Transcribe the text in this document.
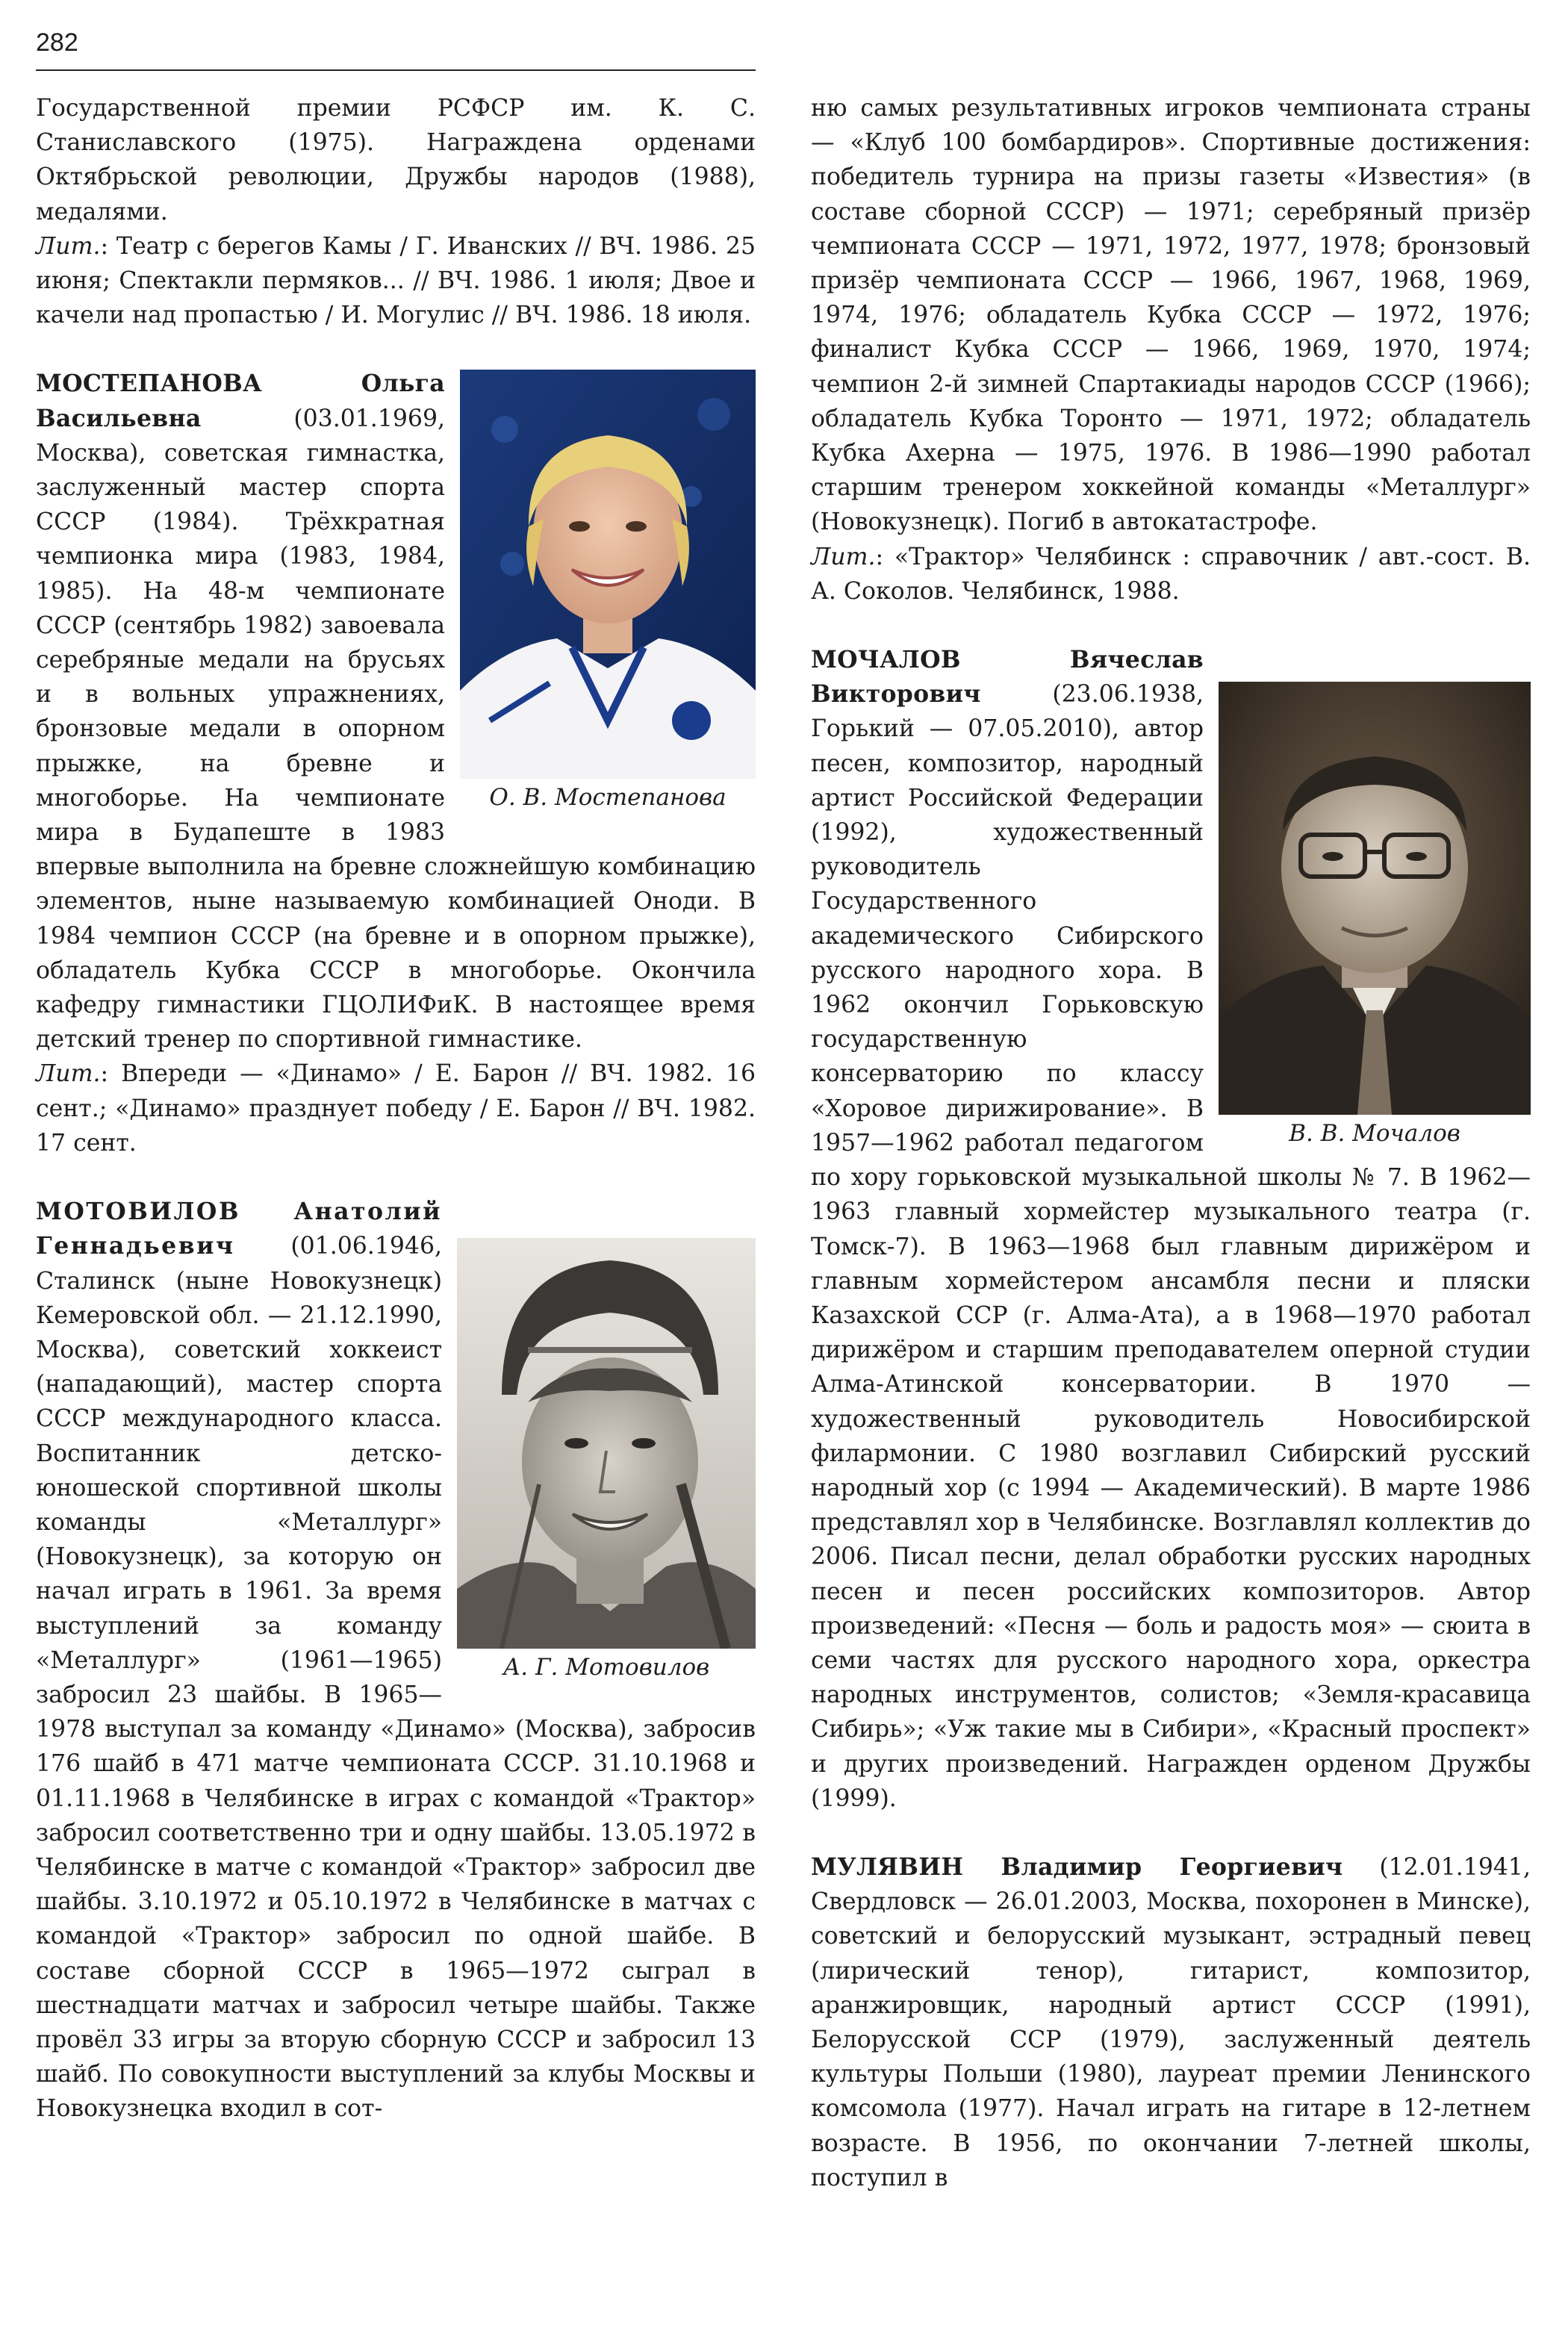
282

Государственной премии РСФСР им. К. С. Станиславского (1975). Награждена орденами Октябрьской революции, Дружбы народов (1988), медалями.

Лит.: Театр с берегов Камы / Г. Иванских // ВЧ. 1986. 25 июня; Спектакли пермяков... // ВЧ. 1986. 1 июля; Двое и качели над пропастью / И. Могулис // ВЧ. 1986. 18 июля.

О. В. Мостепанова

МОСТЕПАНОВА Ольга Васильевна (03.01.1969, Москва), советская гимнастка, заслуженный мастер спорта СССР (1984). Трёхкратная чемпионка мира (1983, 1984, 1985). На 48-м чемпионате СССР (сентябрь 1982) завоевала серебряные медали на брусьях и в вольных упражнениях, бронзовые медали в опорном прыжке, на бревне и многоборье. На чемпионате мира в Будапеште в 1983 впервые выполнила на бревне сложнейшую комбинацию элементов, ныне называемую комбинацией Оноди. В 1984 чемпион СССР (на бревне и в опорном прыжке), обладатель Кубка СССР в многоборье. Окончила кафедру гимнастики ГЦОЛИФиК. В настоящее время детский тренер по спортивной гимнастике.

Лит.: Впереди — «Динамо» / Е. Барон // ВЧ. 1982. 16 сент.; «Динамо» празднует победу / Е. Барон // ВЧ. 1982. 17 сент.

А. Г. Мотовилов

МОТОВИЛОВ Анатолий Геннадьевич (01.06.1946, Сталинск (ныне Новокузнецк) Кемеровской обл. — 21.12.1990, Москва), советский хоккеист (нападающий), мастер спорта СССР международного класса. Воспитанник детско-юношеской спортивной школы команды «Металлург» (Новокузнецк), за которую он начал играть в 1961. За время выступлений за команду «Металлург» (1961—1965) забросил 23 шайбы. В 1965—1978 выступал за команду «Динамо» (Москва), забросив 176 шайб в 471 матче чемпионата СССР. 31.10.1968 и 01.11.1968 в Челябинске в играх с командой «Трактор» забросил соответственно три и одну шайбы. 13.05.1972 в Челябинске в матче с командой «Трактор» забросил две шайбы. 3.10.1972 и 05.10.1972 в Челябинске в матчах с командой «Трактор» забросил по одной шайбе. В составе сборной СССР в 1965—1972 сыграл в шестнадцати матчах и забросил четыре шайбы. Также провёл 33 игры за вторую сборную СССР и забросил 13 шайб. По совокупности выступлений за клубы Москвы и Новокузнецка входил в сот-

ню самых результативных игроков чемпионата страны — «Клуб 100 бомбардиров». Спортивные достижения: победитель турнира на призы газеты «Известия» (в составе сборной СССР) — 1971; серебряный призёр чемпионата СССР — 1971, 1972, 1977, 1978; бронзовый призёр чемпионата СССР — 1966, 1967, 1968, 1969, 1974, 1976; обладатель Кубка СССР — 1972, 1976; финалист Кубка СССР — 1966, 1969, 1970, 1974; чемпион 2-й зимней Спартакиады народов СССР (1966); обладатель Кубка Торонто — 1971, 1972; обладатель Кубка Ахерна — 1975, 1976. В 1986—1990 работал старшим тренером хоккейной команды «Металлург» (Новокузнецк). Погиб в автокатастрофе.

Лит.: «Трактор» Челябинск : справочник / авт.-сост. В. А. Соколов. Челябинск, 1988.

В. В. Мочалов

МОЧАЛОВ Вячеслав Викторович (23.06.1938, Горький — 07.05.2010), автор песен, композитор, народный артист Российской Федерации (1992), художественный руководитель Государственного академического Сибирского русского народного хора. В 1962 окончил Горьковскую государственную консерваторию по классу «Хоровое дирижирование». В 1957—1962 работал педагогом по хору горьковской музыкальной школы № 7. В 1962—1963 главный хормейстер музыкального театра (г. Томск-7). В 1963—1968 был главным дирижёром и главным хормейстером ансамбля песни и пляски Казахской ССР (г. Алма-Ата), а в 1968—1970 работал дирижёром и старшим преподавателем оперной студии Алма-Атинской консерватории. В 1970 — художественный руководитель Новосибирской филармонии. С 1980 возглавил Сибирский русский народный хор (с 1994 — Академический). В марте 1986 представлял хор в Челябинске. Возглавлял коллектив до 2006. Писал песни, делал обработки русских народных песен и песен российских композиторов. Автор произведений: «Песня — боль и радость моя» — сюита в семи частях для русского народного хора, оркестра народных инструментов, солистов; «Земля-красавица Сибирь»; «Уж такие мы в Сибири», «Красный проспект» и других произведений. Награжден орденом Дружбы (1999).

МУЛЯВИН Владимир Георгиевич (12.01.1941, Свердловск — 26.01.2003, Москва, похоронен в Минске), советский и белорусский музыкант, эстрадный певец (лирический тенор), гитарист, композитор, аранжировщик, народный артист СССР (1991), Белорусской ССР (1979), заслуженный деятель культуры Польши (1980), лауреат премии Ленинского комсомола (1977). Начал играть на гитаре в 12-летнем возрасте. В 1956, по окончании 7-летней школы, поступил в
